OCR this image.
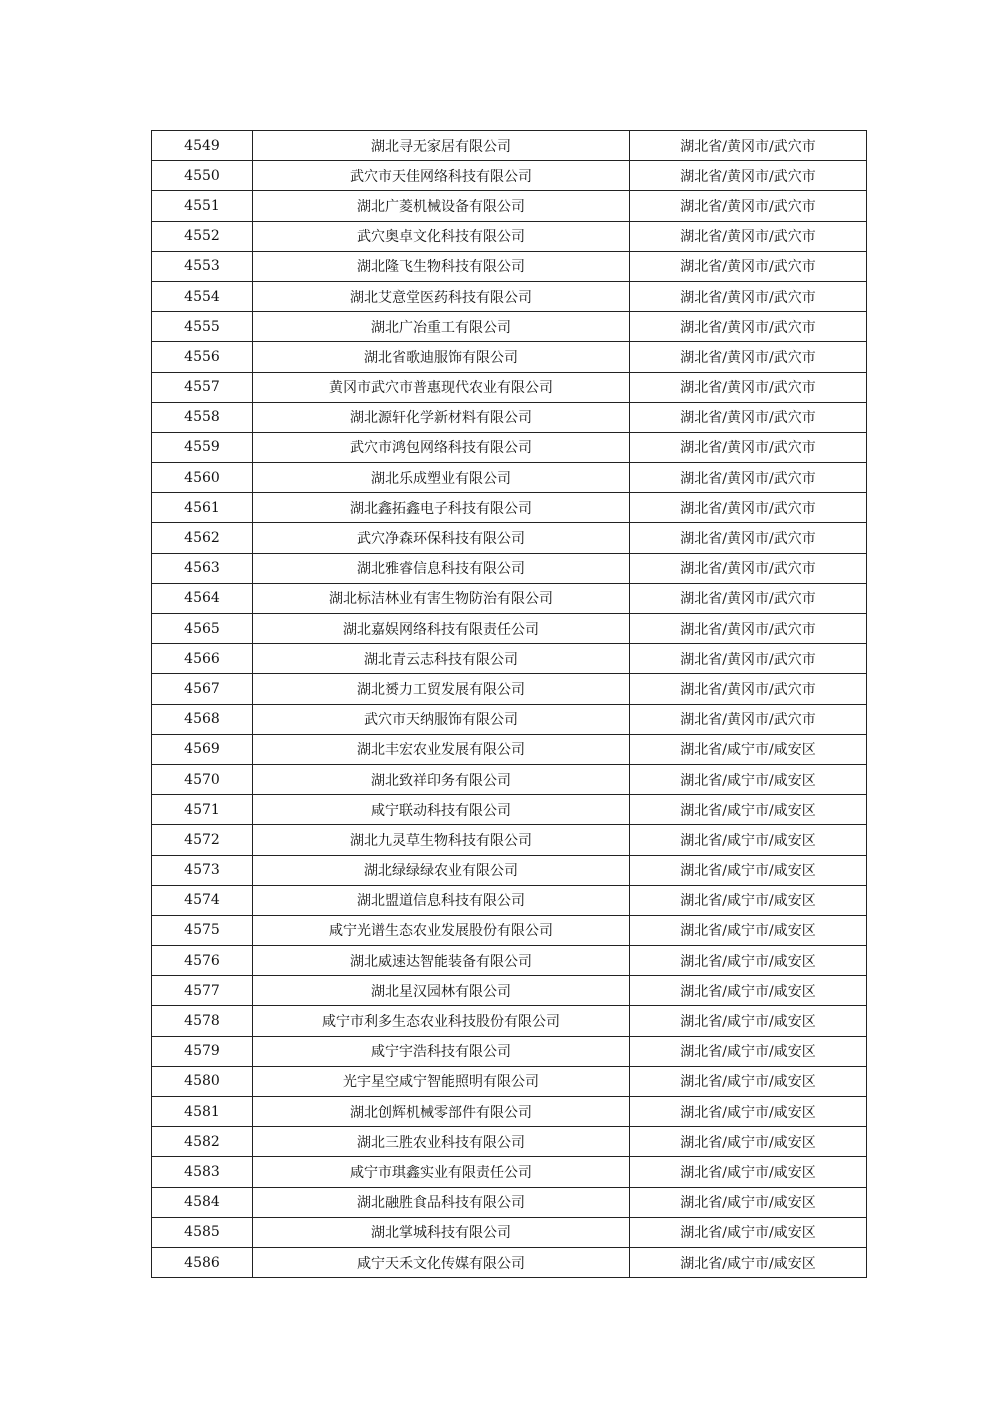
4549	湖北寻无家居有限公司	湖北省/黄冈市/武穴市
4550	武穴市天佳网络科技有限公司	湖北省/黄冈市/武穴市
4551	湖北广菱机械设备有限公司	湖北省/黄冈市/武穴市
4552	武穴奥卓文化科技有限公司	湖北省/黄冈市/武穴市
4553	湖北隆飞生物科技有限公司	湖北省/黄冈市/武穴市
4554	湖北艾意堂医药科技有限公司	湖北省/黄冈市/武穴市
4555	湖北广冶重工有限公司	湖北省/黄冈市/武穴市
4556	湖北省歌迪服饰有限公司	湖北省/黄冈市/武穴市
4557	黄冈市武穴市普惠现代农业有限公司	湖北省/黄冈市/武穴市
4558	湖北源轩化学新材料有限公司	湖北省/黄冈市/武穴市
4559	武穴市鸿包网络科技有限公司	湖北省/黄冈市/武穴市
4560	湖北乐成塑业有限公司	湖北省/黄冈市/武穴市
4561	湖北鑫拓鑫电子科技有限公司	湖北省/黄冈市/武穴市
4562	武穴净森环保科技有限公司	湖北省/黄冈市/武穴市
4563	湖北雅睿信息科技有限公司	湖北省/黄冈市/武穴市
4564	湖北标洁林业有害生物防治有限公司	湖北省/黄冈市/武穴市
4565	湖北嘉娱网络科技有限责任公司	湖北省/黄冈市/武穴市
4566	湖北青云志科技有限公司	湖北省/黄冈市/武穴市
4567	湖北赟力工贸发展有限公司	湖北省/黄冈市/武穴市
4568	武穴市天纳服饰有限公司	湖北省/黄冈市/武穴市
4569	湖北丰宏农业发展有限公司	湖北省/咸宁市/咸安区
4570	湖北致祥印务有限公司	湖北省/咸宁市/咸安区
4571	咸宁联动科技有限公司	湖北省/咸宁市/咸安区
4572	湖北九灵草生物科技有限公司	湖北省/咸宁市/咸安区
4573	湖北绿绿绿农业有限公司	湖北省/咸宁市/咸安区
4574	湖北盟道信息科技有限公司	湖北省/咸宁市/咸安区
4575	咸宁光谱生态农业发展股份有限公司	湖北省/咸宁市/咸安区
4576	湖北威速达智能装备有限公司	湖北省/咸宁市/咸安区
4577	湖北星汉园林有限公司	湖北省/咸宁市/咸安区
4578	咸宁市利多生态农业科技股份有限公司	湖北省/咸宁市/咸安区
4579	咸宁宇浩科技有限公司	湖北省/咸宁市/咸安区
4580	光宇星空咸宁智能照明有限公司	湖北省/咸宁市/咸安区
4581	湖北创辉机械零部件有限公司	湖北省/咸宁市/咸安区
4582	湖北三胜农业科技有限公司	湖北省/咸宁市/咸安区
4583	咸宁市琪鑫实业有限责任公司	湖北省/咸宁市/咸安区
4584	湖北融胜食品科技有限公司	湖北省/咸宁市/咸安区
4585	湖北掌城科技有限公司	湖北省/咸宁市/咸安区
4586	咸宁天禾文化传媒有限公司	湖北省/咸宁市/咸安区
